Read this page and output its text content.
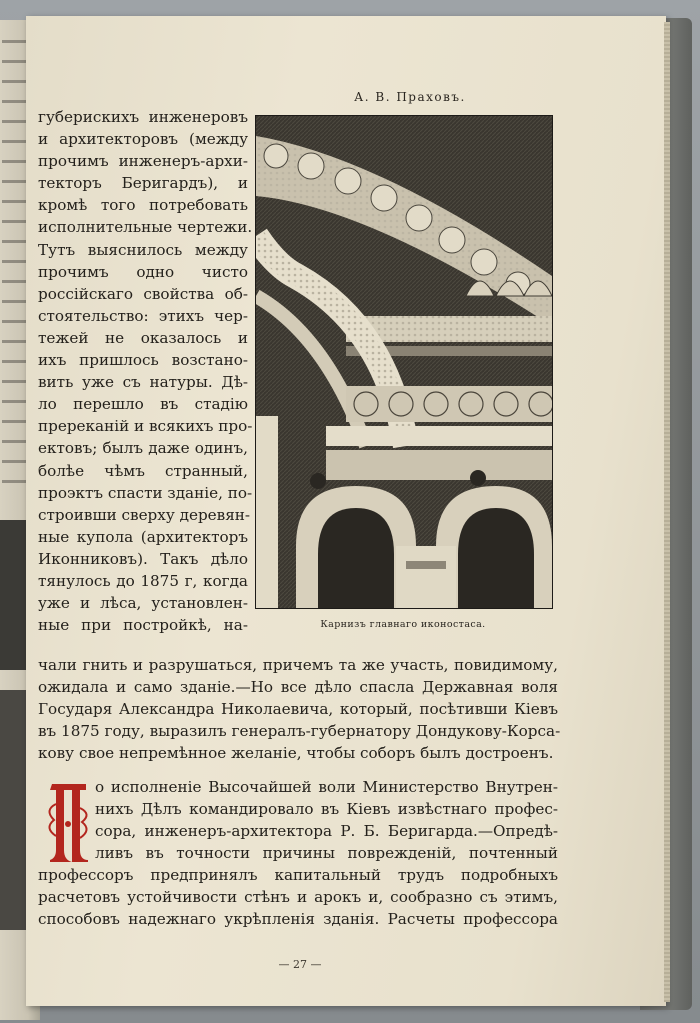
А. В. Праховъ.
губерискихъ инженеровъ
и архитекторовъ (между
прочимъ инженеръ-архи-
текторъ Беригардъ), и
кромѣ того потребовать
исполнительные чертежи.
Тутъ выяснилось между
прочимъ одно чисто
россійскаго свойства об-
стоятельство: этихъ чер-
тежей не оказалось и
ихъ пришлось возстано-
вить уже съ натуры. Дѣ-
ло перешло въ стадію
пререканій и всякихъ про-
ектовъ; былъ даже одинъ,
болѣе чѣмъ странный,
проэктъ спасти зданіе, по-
строивши сверху деревян-
ные купола (архитекторъ
Иконниковъ). Такъ дѣло
тянулось до 1875 г, когда
уже и лѣса, установлен-
ные при постройкѣ, на-	Карнизъ главнаго иконостаса.
чали гнить и разрушаться, причемъ та же участь, повидимому,
ожидала и само зданіе.—Но все дѣло спасла Державная воля
Государя Александра Николаевича, который, посѣтивши Кіевъ
въ 1875 году, выразилъ генералъ-губернатору Дондукову-Корса-
кову свое непремѣнное желаніе, чтобы соборъ былъ достроенъ.
П
о исполненіе Высочайшей воли Министерство Внутрен-
нихъ Дѣлъ командировало въ Кіевъ извѣстнаго профес-
сора, инженеръ-архитектора Р. Б. Беригарда.—Опредѣ-
ливъ въ точности причины поврежденій, почтенный
профессоръ предпринялъ капитальный трудъ подробныхъ
расчетовъ устойчивости стѣнъ и арокъ и, сообразно съ этимъ,
способовъ надежнаго укрѣпленія зданія. Расчеты профессора
— 27 —
